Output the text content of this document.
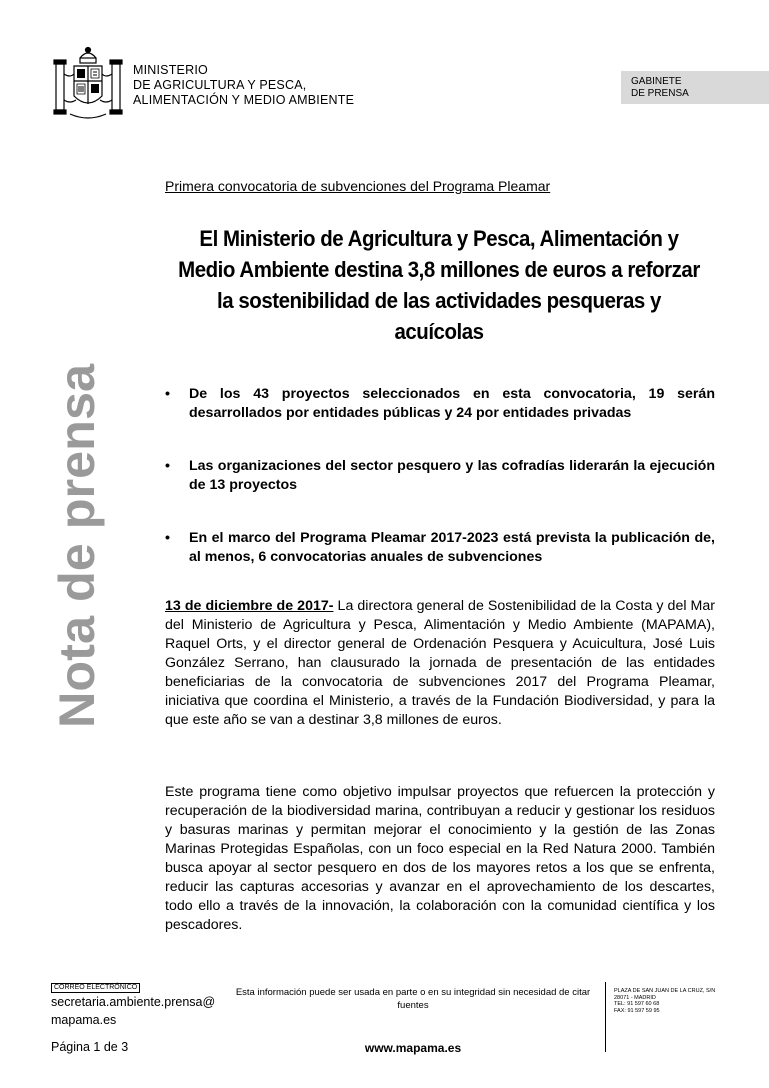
MINISTERIO
DE AGRICULTURA Y PESCA,
ALIMENTACIÓN Y MEDIO AMBIENTE
GABINETE
DE PRENSA
Nota de prensa
Primera convocatoria de subvenciones del Programa Pleamar
El Ministerio de Agricultura y Pesca, Alimentación y Medio Ambiente destina 3,8 millones de euros a reforzar la sostenibilidad de las actividades pesqueras y acuícolas
• De los 43 proyectos seleccionados en esta convocatoria, 19 serán desarrollados por entidades públicas y 24 por entidades privadas
• Las organizaciones del sector pesquero y las cofradías liderarán la ejecución de 13 proyectos
• En el marco del Programa Pleamar 2017-2023 está prevista la publicación de, al menos, 6 convocatorias anuales de subvenciones
13 de diciembre de 2017- La directora general de Sostenibilidad de la Costa y del Mar del Ministerio de Agricultura y Pesca, Alimentación y Medio Ambiente (MAPAMA), Raquel Orts, y el director general de Ordenación Pesquera y Acuicultura, José Luis González Serrano, han clausurado la jornada de presentación de las entidades beneficiarias de la convocatoria de subvenciones 2017 del Programa Pleamar, iniciativa que coordina el Ministerio, a través de la Fundación Biodiversidad, y para la que este año se van a destinar 3,8 millones de euros.
Este programa tiene como objetivo impulsar proyectos que refuercen la protección y recuperación de la biodiversidad marina, contribuyan a reducir y gestionar los residuos y basuras marinas y permitan mejorar el conocimiento y la gestión de las Zonas Marinas Protegidas Españolas, con un foco especial en la Red Natura 2000. También busca apoyar al sector pesquero en dos de los mayores retos a los que se enfrenta, reducir las capturas accesorias y avanzar en el aprovechamiento de los descartes, todo ello a través de la innovación, la colaboración con la comunidad científica y los pescadores.
CORREO ELECTRÓNICO
secretaria.ambiente.prensa@
mapama.es
Esta información puede ser usada en parte o en su integridad sin necesidad de citar fuentes
PLAZA DE SAN JUAN DE LA CRUZ, S/N
28071 - MADRID
TEL: 91 597 60 68
FAX: 91 597 59 95
Página 1 de 3	www.mapama.es
